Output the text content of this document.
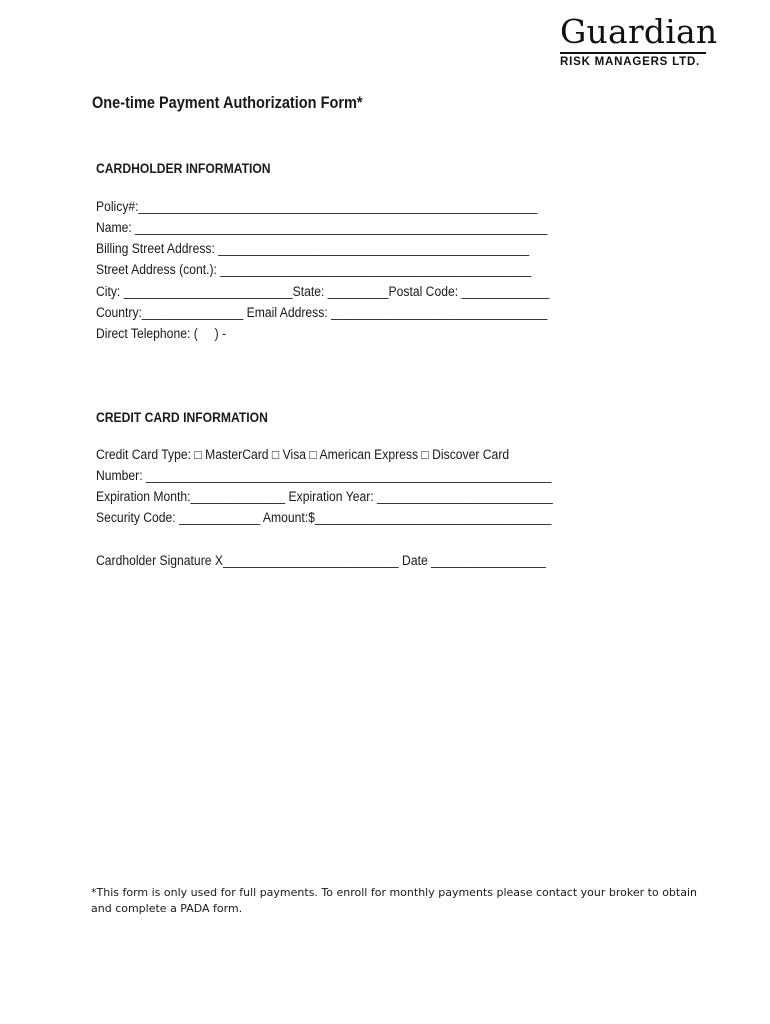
Guardian
RISK MANAGERS LTD.
One-time Payment Authorization Form*
CARDHOLDER INFORMATION
Policy#:___________________________________________________________
Name: _____________________________________________________________
Billing Street Address: ______________________________________________
Street Address (cont.): ______________________________________________
City: _________________________State: _________Postal Code: _____________
Country:_______________ Email Address: ________________________________
Direct Telephone: (     ) -
CREDIT CARD INFORMATION
Credit Card Type: □ MasterCard □ Visa □ American Express □ Discover Card
Number: ____________________________________________________________
Expiration Month:______________ Expiration Year: __________________________
Security Code: ____________ Amount:$___________________________________
Cardholder Signature X__________________________ Date _________________
*This form is only used for full payments. To enroll for monthly payments please contact your broker to obtain and complete a PADA form.
